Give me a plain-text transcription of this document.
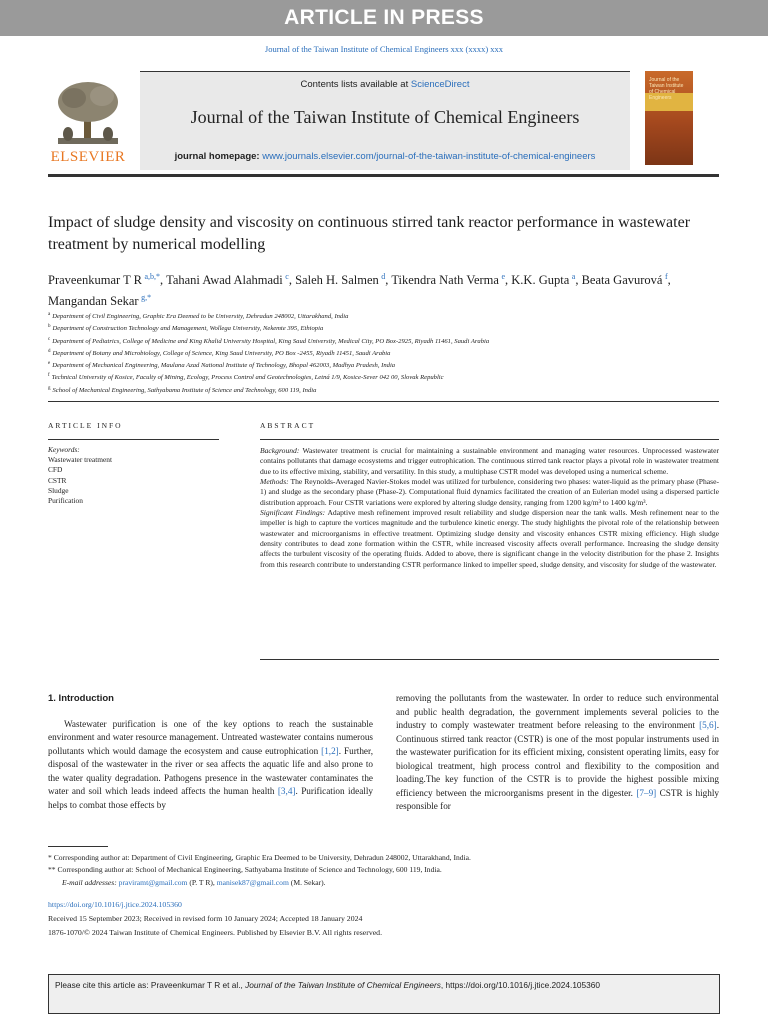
ARTICLE IN PRESS
Journal of the Taiwan Institute of Chemical Engineers xxx (xxxx) xxx
ELSEVIER
Contents lists available at ScienceDirect
Journal of the Taiwan Institute of Chemical Engineers
journal homepage: www.journals.elsevier.com/journal-of-the-taiwan-institute-of-chemical-engineers
Journal of the Taiwan Institute of Chemical Engineers
Impact of sludge density and viscosity on continuous stirred tank reactor performance in wastewater treatment by numerical modelling
Praveenkumar T R  $^{a,b,*}$, Tahani Awad Alahmadi  $^c$, Saleh H. Salmen  $^d$, Tikendra Nath Verma  $^e$, K.K. Gupta  $^a$, Beata Gavurová  $^f$, Mangandan Sekar  $^{g,*}$
$^a$ Department of Civil Engineering, Graphic Era Deemed to be University, Dehradun 248002, Uttarakhand, India
$^b$ Department of Construction Technology and Management, Wollega University, Nekemte 395, Ethiopia
$^c$ Department of Pediatrics, College of Medicine and King Khalid University Hospital, King Saud University, Medical City, PO Box-2925, Riyadh 11461, Saudi Arabia
$^d$ Department of Botany and Microbiology, College of Science, King Saud University, PO Box -2455, Riyadh 11451, Saudi Arabia
$^e$ Department of Mechanical Engineering, Maulana Azad National Institute of Technology, Bhopal 462003, Madhya Pradesh, India
$^f$ Technical University of Kosice, Faculty of Mining, Ecology, Process Control and Geotechnologies, Letná 1/9, Kosice-Sever 042 00, Slovak Republic
$^g$ School of Mechanical Engineering, Sathyabama Institute of Science and Technology, 600 119, India
ARTICLE INFO	ABSTRACT
Keywords:
Wastewater treatment
CFD
CSTR
Sludge
Purification

Background: Wastewater treatment is crucial for maintaining a sustainable environment and managing water resources. Unprocessed wastewater contains pollutants that damage ecosystems and trigger eutrophication. The continuous stirred tank reactor plays a pivotal role in wastewater treatment due to its effective mixing, stability, and versatility. In this study, a multiphase CSTR model was developed using a numerical scheme.

Methods: The Reynolds-Averaged Navier-Stokes model was utilized for turbulence, considering two phases: water-liquid as the primary phase (Phase-1) and sludge as the secondary phase (Phase-2). Computational fluid dynamics facilitated the creation of an Eulerian model using a dispersed particle distribution approach. Four CSTR variations were explored by altering sludge density, ranging from 1200 kg/m³ to 1400 kg/m³.

Significant Findings: Adaptive mesh refinement improved result reliability and sludge dispersion near the tank walls. Mesh refinement near to the impeller is high to capture the vortices magnitude and the turbulence kinetic energy. The study highlights the pivotal role of the relationship between wastewater and microorganisms in effective treatment. Optimizing sludge density and viscosity enhances CSTR mixing efficiency. High sludge density contributes to dead zone formation within the CSTR, while increased viscosity affects overall performance. Increasing the sludge density affects the turbulent viscosity of the operating fluids. Added to above, there is significant change in the velocity distribution for the phase 2. Insights from this research contribute to understanding CSTR performance linked to impeller speed, sludge density, and viscosity for sludge of the wastewater.

1. Introduction

Wastewater purification is one of the key options to reach the sustainable environment and water resource management. Untreated wastewater contains numerous pollutants which would damage the ecosystem and cause eutrophication [1,2]. Further, disposal of the wastewater in the river or sea affects the aquatic life and also prone to the water quality degradation. Pathogens presence in the wastewater contaminates the water and soil which leads indeed affects the human health [3,4]. Purification ideally helps to combat those effects by

removing the pollutants from the wastewater. In order to reduce such environmental and public health degradation, the government implements several policies to the industry to comply wastewater treatment before releasing to the environment [5,6]. Continuous stirred tank reactor (CSTR) is one of the most popular instruments used in the wastewater purification for its efficient mixing, consistent operating limits, easy for biological treatment, high process control and flexibility to the composition and loading.The key function of the CSTR is to provide the highest possible mixing efficiency between the microorganisms present in the digester. [7–9] CSTR is highly responsible for

* Corresponding author at: Department of Civil Engineering, Graphic Era Deemed to be University, Dehradun 248002, Uttarakhand, India.
** Corresponding author at: School of Mechanical Engineering, Sathyabama Institute of Science and Technology, 600 119, India.
E-mail addresses: praviramt@gmail.com (P. T R), manisek87@gmail.com (M. Sekar).
https://doi.org/10.1016/j.jtice.2024.105360
Received 15 September 2023; Received in revised form 10 January 2024; Accepted 18 January 2024
1876-1070/© 2024 Taiwan Institute of Chemical Engineers. Published by Elsevier B.V. All rights reserved.
Please cite this article as: Praveenkumar T R et al., Journal of the Taiwan Institute of Chemical Engineers, https://doi.org/10.1016/j.jtice.2024.105360
